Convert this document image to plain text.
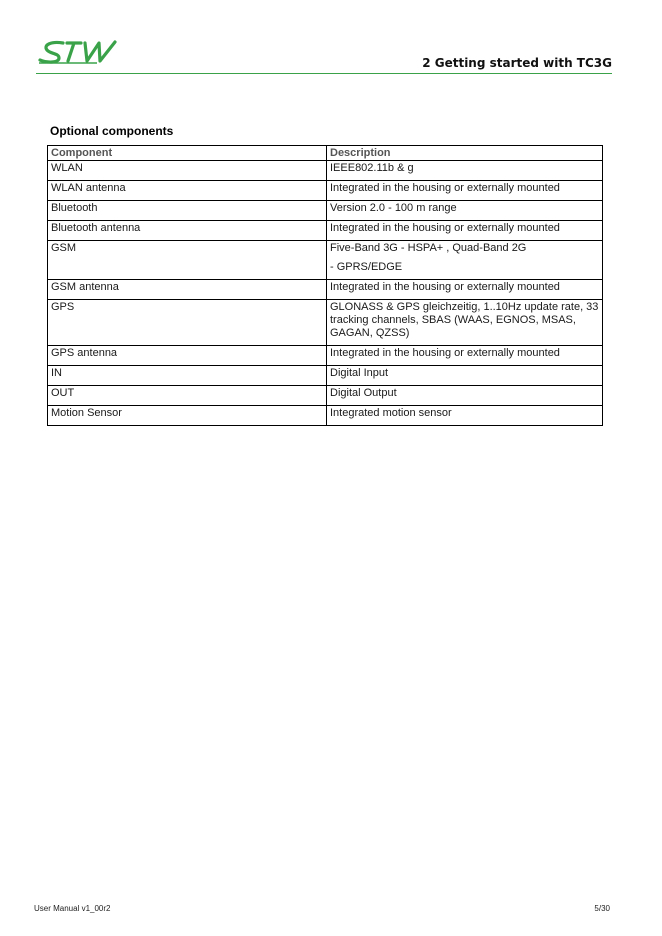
2 Getting started with TC3G
Optional components
Component	Description
WLAN	IEEE802.11b & g
WLAN antenna	Integrated in the housing or externally mounted
Bluetooth	Version 2.0 - 100 m range
Bluetooth antenna	Integrated in the housing or externally mounted
GSM	Five-Band 3G - HSPA+ , Quad-Band 2G
- GPRS/EDGE

GSM antenna	Integrated in the housing or externally mounted
GPS	GLONASS & GPS gleichzeitig, 1..10Hz update rate, 33 tracking channels, SBAS (WAAS, EGNOS, MSAS, GAGAN, QZSS)
GPS antenna	Integrated in the housing or externally mounted
IN	Digital Input
OUT	Digital Output
Motion Sensor	Integrated motion sensor
User Manual v1_00r2	5/30
